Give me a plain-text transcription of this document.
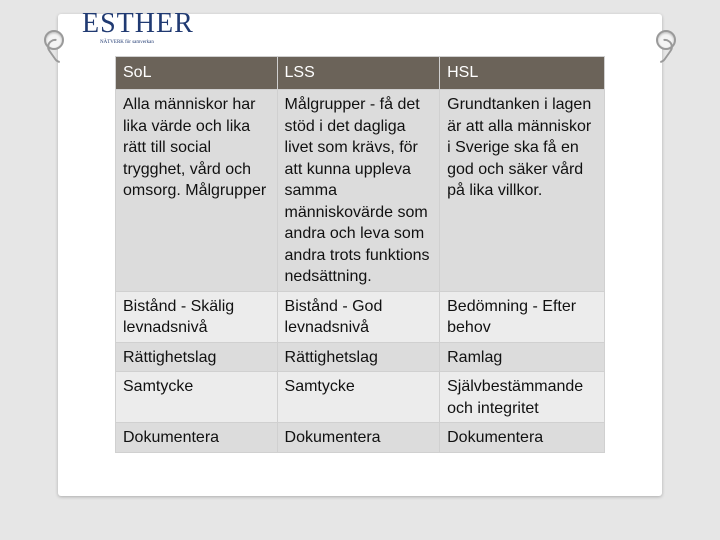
ESTHER
NÄTVERK för samverkan
SoL	LSS	HSL
Alla människor har lika värde och lika rätt till social trygghet, vård och omsorg. Målgrupper	Målgrupper - få det stöd i det dagliga livet som krävs, för att kunna uppleva samma människovärde som andra och leva som andra trots funktions nedsättning.	Grundtanken i lagen är att alla människor i Sverige ska få en god och säker vård på lika villkor.
Bistånd - Skälig levnadsnivå	Bistånd - God levnadsnivå	Bedömning - Efter behov
Rättighetslag	Rättighetslag	Ramlag
Samtycke	Samtycke	Självbestämmande och integritet
Dokumentera	Dokumentera	Dokumentera
